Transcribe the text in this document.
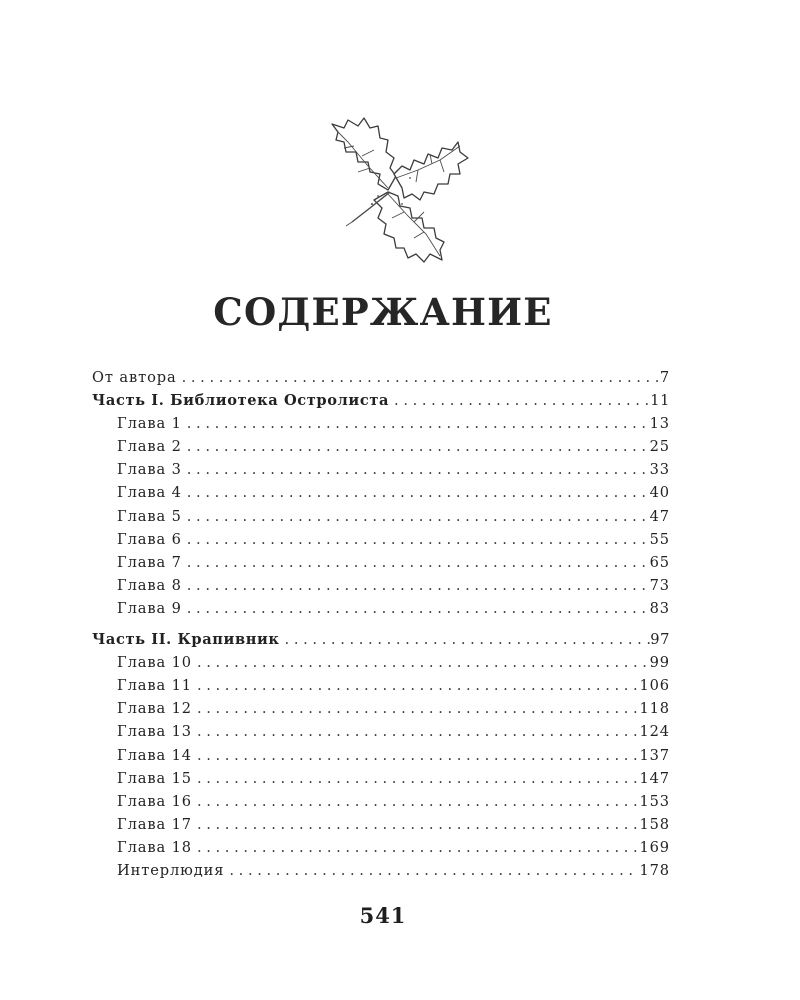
СОДЕРЖАНИЕ
От автора . . .	7
Часть I. Библиотека Остролиста . . .	11
Глава 1 . . .	13
Глава 2 . . .	25
Глава 3 . . .	33
Глава 4 . . .	40
Глава 5 . . .	47
Глава 6 . . .	55
Глава 7 . . .	65
Глава 8 . . .	73
Глава 9 . . .	83
Часть II. Крапивник . . .	97
Глава 10 . . .	99
Глава 11 . . .	106
Глава 12 . . .	118
Глава 13 . . .	124
Глава 14 . . .	137
Глава 15 . . .	147
Глава 16 . . .	153
Глава 17 . . .	158
Глава 18 . . .	169
Интерлюдия . . .	178
541
